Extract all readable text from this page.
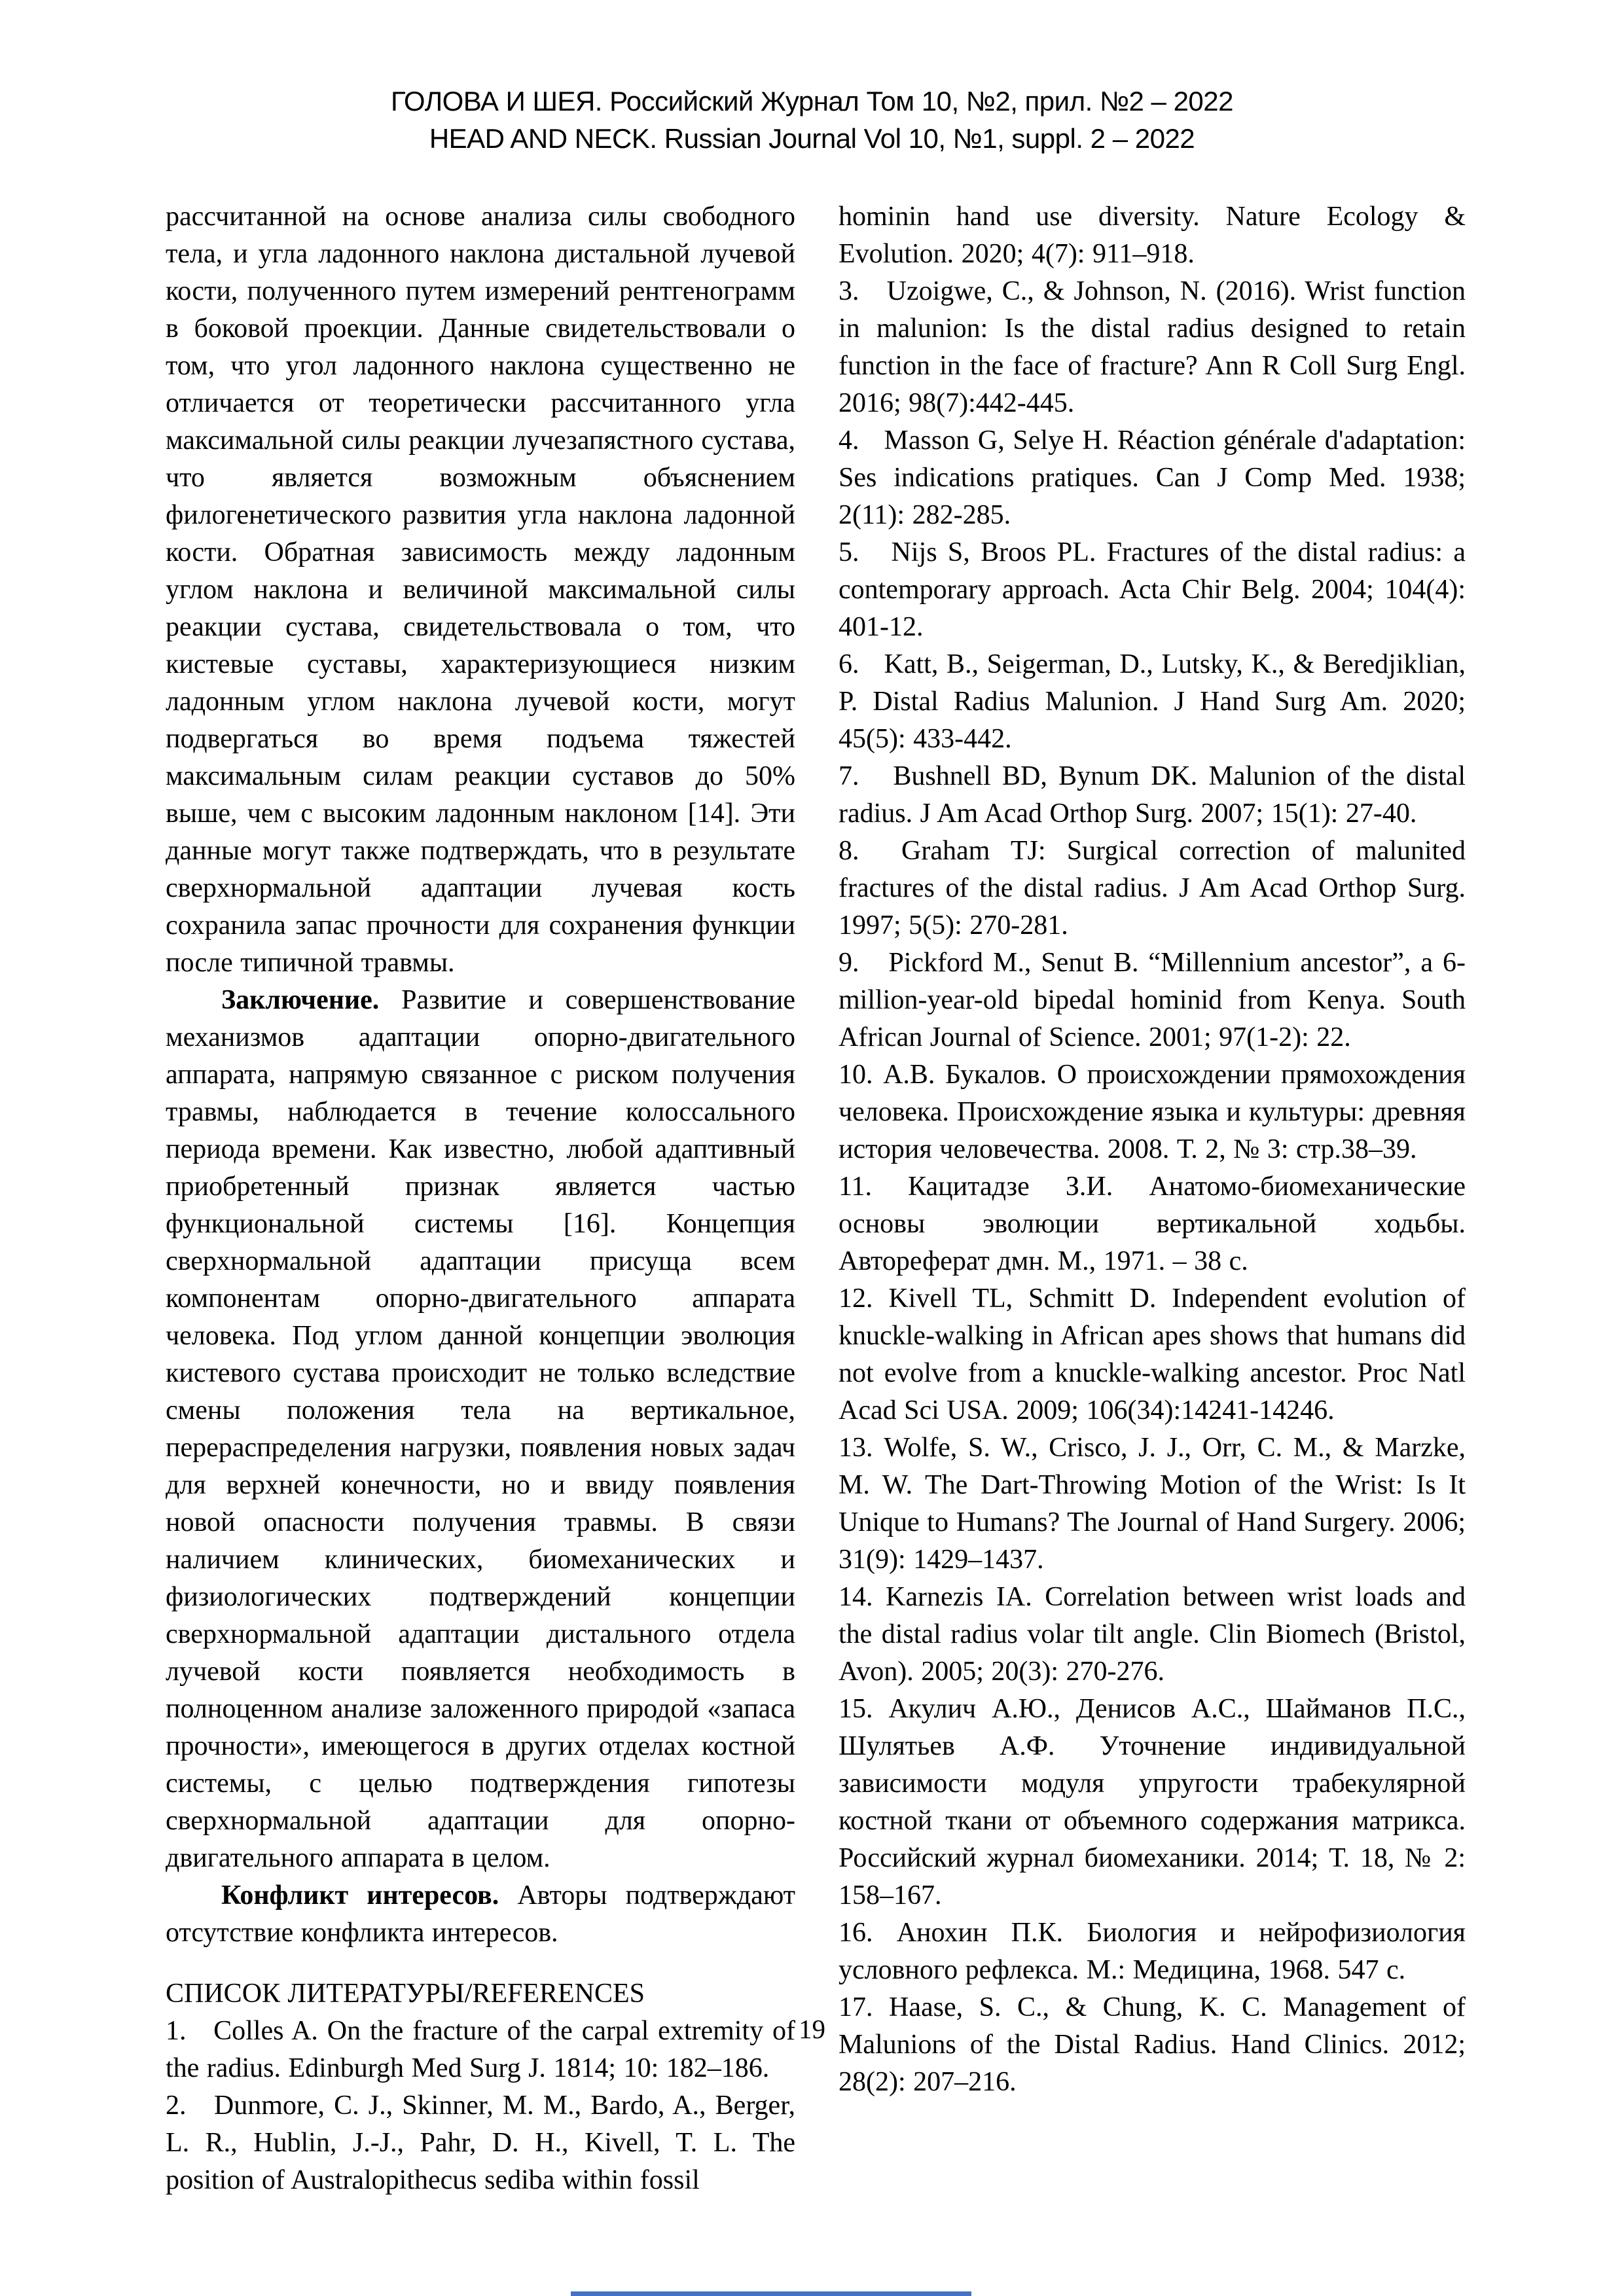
ГОЛОВА И ШЕЯ. Российский Журнал Том 10, №2, прил. №2 – 2022
HEAD AND NECK. Russian Journal Vol 10, №1, suppl. 2 – 2022

рассчитанной на основе анализа силы свободного тела, и угла ладонного наклона дистальной лучевой кости, полученного путем измерений рентгенограмм в боковой проекции. Данные свидетельствовали о том, что угол ладонного наклона существенно не отличается от теоретически рассчитанного угла максимальной силы реакции лучезапястного сустава, что является возможным объяснением филогенетического развития угла наклона ладонной кости. Обратная зависимость между ладонным углом наклона и величиной максимальной силы реакции сустава, свидетельствовала о том, что кистевые суставы, характеризующиеся низким ладонным углом наклона лучевой кости, могут подвергаться во время подъема тяжестей максимальным силам реакции суставов до 50% выше, чем с высоким ладонным наклоном [14]. Эти данные могут также подтверждать, что в результате сверхнормальной адаптации лучевая кость сохранила запас прочности для сохранения функции после типичной травмы.

Заключение. Развитие и совершенствование механизмов адаптации опорно-двигательного аппарата, напрямую связанное с риском получения травмы, наблюдается в течение колоссального периода времени. Как известно, любой адаптивный приобретенный признак является частью функциональной системы [16]. Концепция сверхнормальной адаптации присуща всем компонентам опорно-двигательного аппарата человека. Под углом данной концепции эволюция кистевого сустава происходит не только вследствие смены положения тела на вертикальное, перераспределения нагрузки, появления новых задач для верхней конечности, но и ввиду появления новой опасности получения травмы. В связи наличием клинических, биомеханических и физиологических подтверждений концепции сверхнормальной адаптации дистального отдела лучевой кости появляется необходимость в полноценном анализе заложенного природой «запаса прочности», имеющегося в других отделах костной системы, с целью подтверждения гипотезы сверхнормальной адаптации для опорно-двигательного аппарата в целом.

Конфликт интересов. Авторы подтверждают отсутствие конфликта интересов.

СПИСОК ЛИТЕРАТУРЫ/REFERENCES
1.   Colles A. On the fracture of the carpal extremity of the radius. Edinburgh Med Surg J. 1814; 10: 182–186.
2.   Dunmore, C. J., Skinner, M. M., Bardo, A., Berger, L. R., Hublin, J.-J., Pahr, D. H., Kivell, T. L. The position of Australopithecus sediba within fossil
hominin hand use diversity. Nature Ecology & Evolution. 2020; 4(7): 911–918.
3.   Uzoigwe, C., & Johnson, N. (2016). Wrist function in malunion: Is the distal radius designed to retain function in the face of fracture? Ann R Coll Surg Engl. 2016; 98(7):442-445.
4.   Masson G, Selye H. Réaction générale d'adaptation: Ses indications pratiques. Can J Comp Med. 1938; 2(11): 282-285.
5.   Nijs S, Broos PL. Fractures of the distal radius: a contemporary approach. Acta Chir Belg. 2004; 104(4): 401-12.
6.   Katt, B., Seigerman, D., Lutsky, K., & Beredjiklian, P. Distal Radius Malunion. J Hand Surg Am. 2020; 45(5): 433-442.
7.   Bushnell BD, Bynum DK. Malunion of the distal radius. J Am Acad Orthop Surg. 2007; 15(1): 27-40.
8.  Graham TJ: Surgical correction of malunited fractures of the distal radius. J Am Acad Orthop Surg. 1997; 5(5): 270-281.
9.   Pickford M., Senut B. “Millennium ancestor”, a 6-million-year-old bipedal hominid from Kenya. South African Journal of Science. 2001; 97(1-2): 22.
10. А.В. Букалов. О происхождении прямохождения человека. Происхождение языка и культуры: древняя история человечества. 2008. Т. 2, № 3: стр.38–39.
11. Кацитадзе З.И. Анатомо-биомеханические основы эволюции вертикальной ходьбы. Автореферат дмн. М., 1971. – 38 с.
12. Kivell TL, Schmitt D. Independent evolution of knuckle-walking in African apes shows that humans did not evolve from a knuckle-walking ancestor. Proc Natl Acad Sci USA. 2009; 106(34):14241-14246.
13. Wolfe, S. W., Crisco, J. J., Orr, C. M., & Marzke, M. W. The Dart-Throwing Motion of the Wrist: Is It Unique to Humans? The Journal of Hand Surgery. 2006; 31(9): 1429–1437.
14. Karnezis IA. Correlation between wrist loads and the distal radius volar tilt angle. Clin Biomech (Bristol, Avon). 2005; 20(3): 270-276.
15. Акулич А.Ю., Денисов А.С., Шайманов П.С., Шулятьев А.Ф. Уточнение индивидуальной зависимости модуля упругости трабекулярной костной ткани от объемного содержания матрикса. Российский журнал биомеханики. 2014; Т. 18, № 2: 158–167.
16. Анохин П.К. Биология и нейрофизиология условного рефлекса. М.: Медицина, 1968. 547 с.
17. Haase, S. C., & Chung, K. C. Management of Malunions of the Distal Radius. Hand Clinics. 2012; 28(2): 207–216.
19
